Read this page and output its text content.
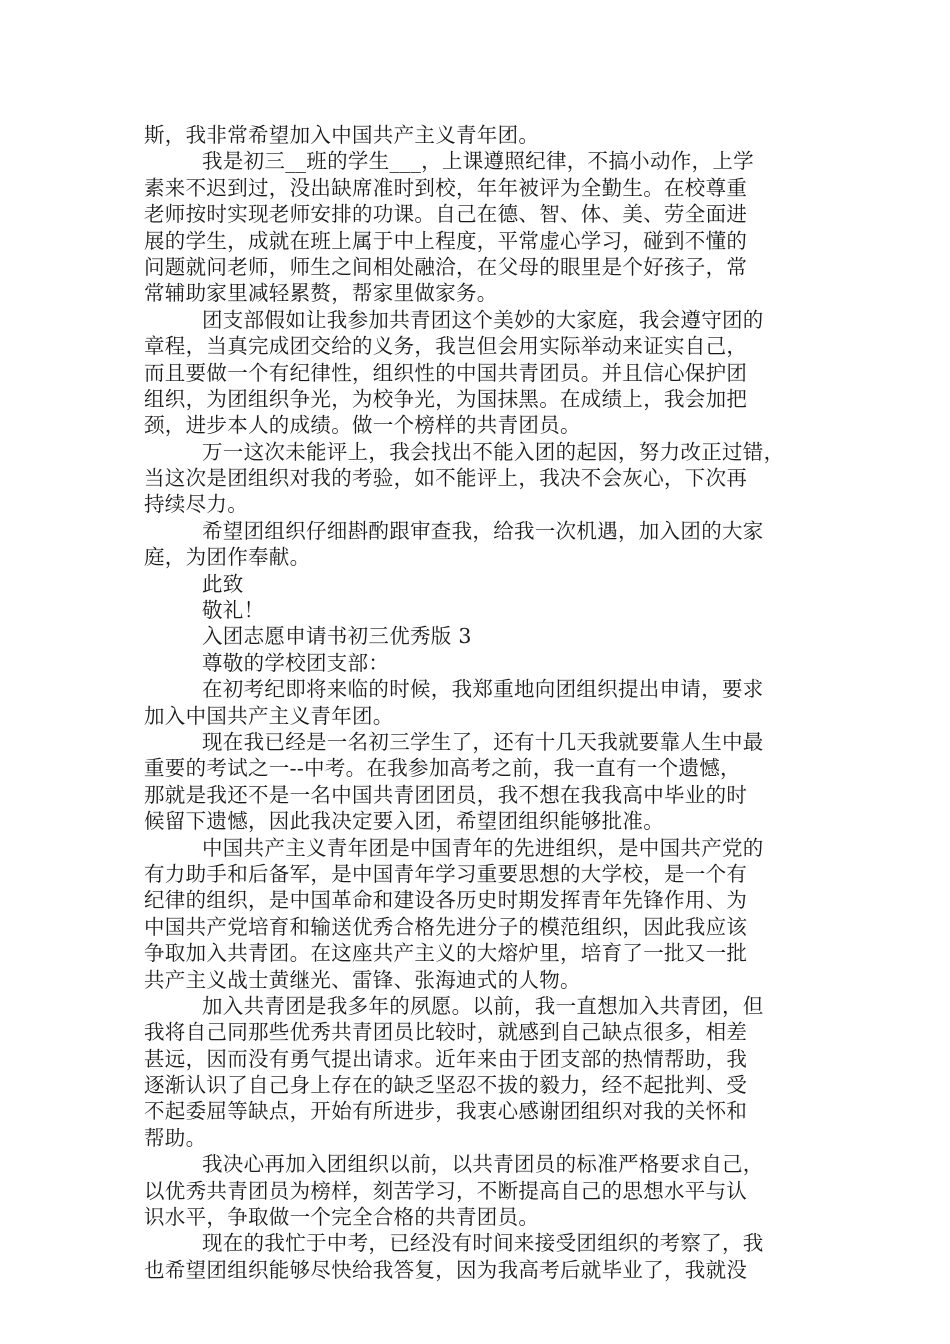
斯，我非常希望加入中国共产主义青年团。
我是初三__班的学生___，上课遵照纪律，不搞小动作，上学
素来不迟到过，没出缺席准时到校，年年被评为全勤生。在校尊重
老师按时实现老师安排的功课。自己在德、智、体、美、劳全面进
展的学生，成就在班上属于中上程度，平常虚心学习，碰到不懂的
问题就问老师，师生之间相处融洽，在父母的眼里是个好孩子，常
常辅助家里减轻累赘，帮家里做家务。
团支部假如让我参加共青团这个美妙的大家庭，我会遵守团的
章程，当真完成团交给的义务，我岂但会用实际举动来证实自己，
而且要做一个有纪律性，组织性的中国共青团员。并且信心保护团
组织，为团组织争光，为校争光，为国抹黑。在成绩上，我会加把
颈，进步本人的成绩。做一个榜样的共青团员。
万一这次未能评上，我会找出不能入团的起因，努力改正过错，
当这次是团组织对我的考验，如不能评上，我决不会灰心，下次再
持续尽力。
希望团组织仔细斟酌跟审查我，给我一次机遇，加入团的大家
庭，为团作奉献。
此致
敬礼！
入团志愿申请书初三优秀版 3
尊敬的学校团支部：
在初考纪即将来临的时候，我郑重地向团组织提出申请，要求
加入中国共产主义青年团。
现在我已经是一名初三学生了，还有十几天我就要靠人生中最
重要的考试之一--中考。在我参加高考之前，我一直有一个遗憾，
那就是我还不是一名中国共青团团员，我不想在我我高中毕业的时
候留下遗憾，因此我决定要入团，希望团组织能够批准。
中国共产主义青年团是中国青年的先进组织，是中国共产党的
有力助手和后备军，是中国青年学习重要思想的大学校，是一个有
纪律的组织，是中国革命和建设各历史时期发挥青年先锋作用、为
中国共产党培育和输送优秀合格先进分子的模范组织，因此我应该
争取加入共青团。在这座共产主义的大熔炉里，培育了一批又一批
共产主义战士黄继光、雷锋、张海迪式的人物。
加入共青团是我多年的夙愿。以前，我一直想加入共青团，但
我将自己同那些优秀共青团员比较时，就感到自己缺点很多，相差
甚远，因而没有勇气提出请求。近年来由于团支部的热情帮助，我
逐渐认识了自己身上存在的缺乏坚忍不拔的毅力，经不起批判、受
不起委屈等缺点，开始有所进步，我衷心感谢团组织对我的关怀和
帮助。
我决心再加入团组织以前，以共青团员的标准严格要求自己，
以优秀共青团员为榜样，刻苦学习，不断提高自己的思想水平与认
识水平，争取做一个完全合格的共青团员。
现在的我忙于中考，已经没有时间来接受团组织的考察了，我
也希望团组织能够尽快给我答复，因为我高考后就毕业了，我就没
